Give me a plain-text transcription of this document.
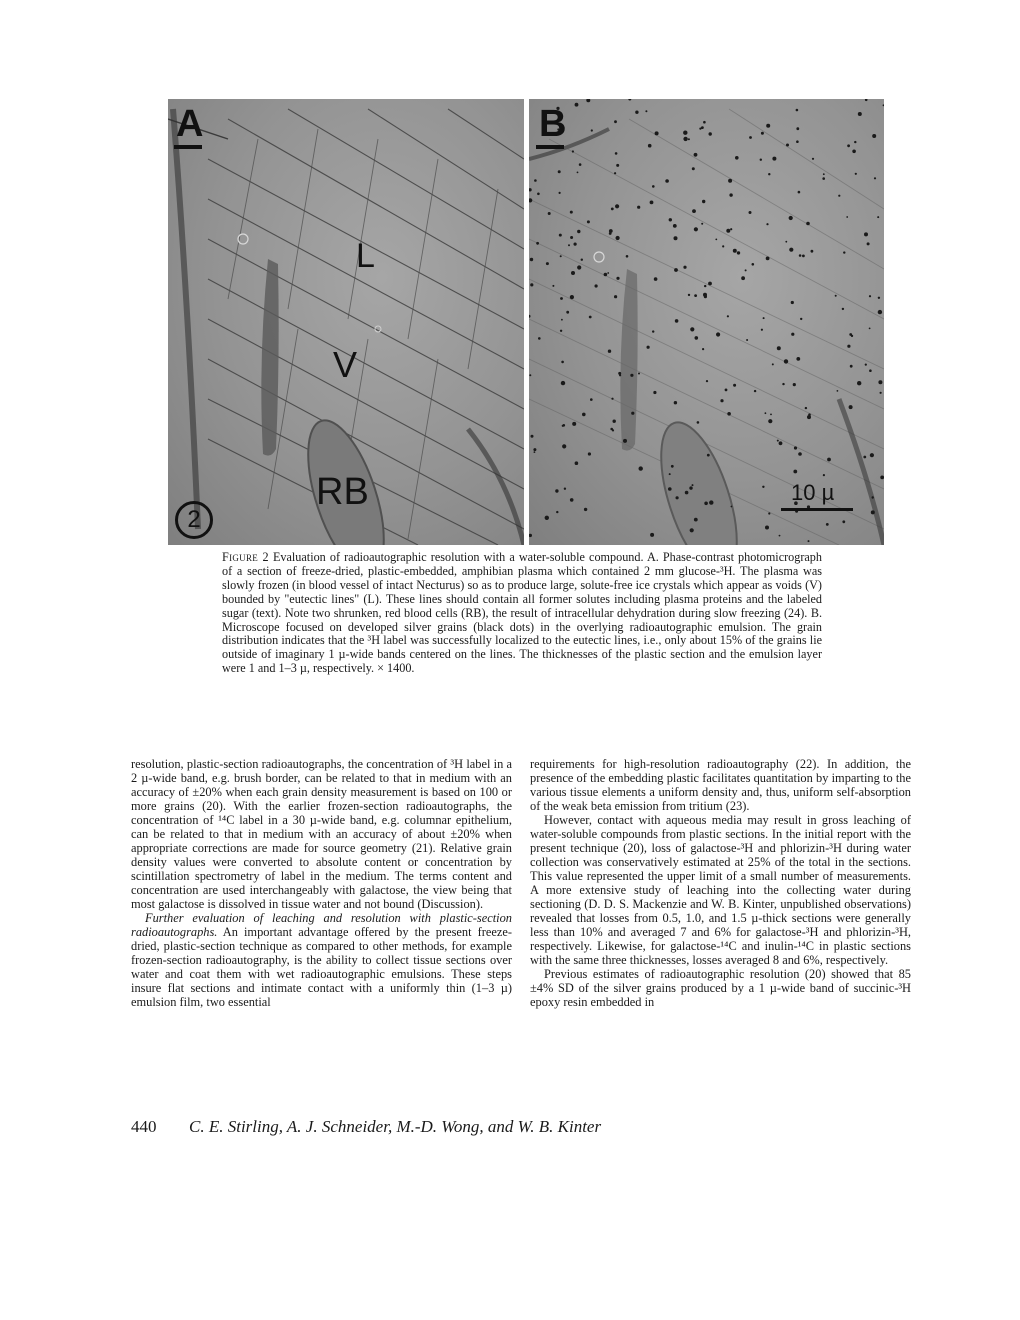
A
L
V
RB
2
B
10 µ
Figure 2 Evaluation of radioautographic resolution with a water-soluble compound. A. Phase-contrast photomicrograph of a section of freeze-dried, plastic-embedded, amphibian plasma which contained 2 mm glucose-³H. The plasma was slowly frozen (in blood vessel of intact Necturus) so as to produce large, solute-free ice crystals which appear as voids (V) bounded by "eutectic lines" (L). These lines should contain all former solutes including plasma proteins and the labeled sugar (text). Note two shrunken, red blood cells (RB), the result of intracellular dehydration during slow freezing (24). B. Microscope focused on developed silver grains (black dots) in the overlying radioautographic emulsion. The grain distribution indicates that the ³H label was successfully localized to the eutectic lines, i.e., only about 15% of the grains lie outside of imaginary 1 µ-wide bands centered on the lines. The thicknesses of the plastic section and the emulsion layer were 1 and 1–3 µ, respectively. × 1400.

resolution, plastic-section radioautographs, the concentration of ³H label in a 2 µ-wide band, e.g. brush border, can be related to that in medium with an accuracy of ±20% when each grain density measurement is based on 100 or more grains (20). With the earlier frozen-section radioautographs, the concentration of ¹⁴C label in a 30 µ-wide band, e.g. columnar epithelium, can be related to that in medium with an accuracy of about ±20% when appropriate corrections are made for source geometry (21). Relative grain density values were converted to absolute content or concentration by scintillation spectrometry of label in the medium. The terms content and concentration are used interchangeably with galactose, the view being that most galactose is dissolved in tissue water and not bound (Discussion).

Further evaluation of leaching and resolution with plastic-section radioautographs. An important advantage offered by the present freeze-dried, plastic-section technique as compared to other methods, for example frozen-section radioautography, is the ability to collect tissue sections over water and coat them with wet radioautographic emulsions. These steps insure flat sections and intimate contact with a uniformly thin (1–3 µ) emulsion film, two essential

requirements for high-resolution radioautography (22). In addition, the presence of the embedding plastic facilitates quantitation by imparting to the various tissue elements a uniform density and, thus, uniform self-absorption of the weak beta emission from tritium (23).

However, contact with aqueous media may result in gross leaching of water-soluble compounds from plastic sections. In the initial report with the present technique (20), loss of galactose-³H and phlorizin-³H during water collection was conservatively estimated at 25% of the total in the sections. This value represented the upper limit of a small number of measurements. A more extensive study of leaching into the collecting water during sectioning (D. D. S. Mackenzie and W. B. Kinter, unpublished observations) revealed that losses from 0.5, 1.0, and 1.5 µ-thick sections were generally less than 10% and averaged 7 and 6% for galactose-³H and phlorizin-³H, respectively. Likewise, for galactose-¹⁴C and inulin-¹⁴C in plastic sections with the same three thicknesses, losses averaged 8 and 6%, respectively.

Previous estimates of radioautographic resolution (20) showed that 85 ±4% SD of the silver grains produced by a 1 µ-wide band of succinic-³H epoxy resin embedded in

440 C. E. Stirling, A. J. Schneider, M.-D. Wong, and W. B. Kinter
